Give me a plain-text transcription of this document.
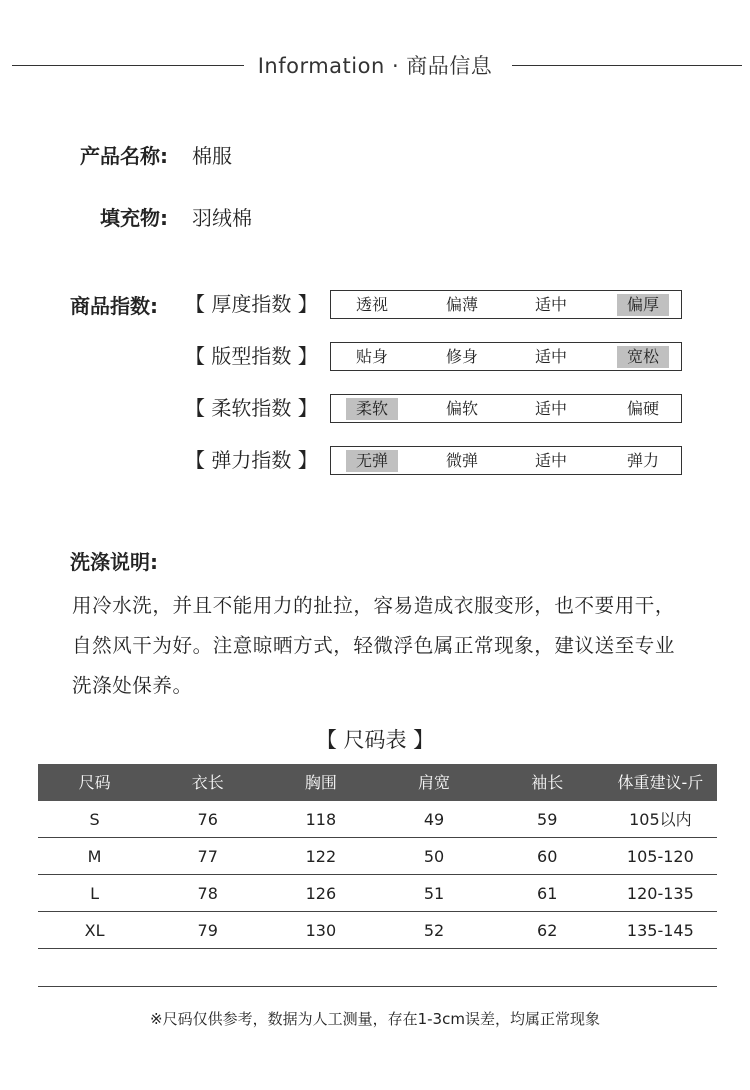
Information · 商品信息
产品名称: 棉服
填充物: 羽绒棉
商品指数: 【 厚度指数 】	透视	偏薄	适中	偏厚
【 版型指数 】	贴身	修身	适中	宽松
【 柔软指数 】	柔软	偏软	适中	偏硬
【 弹力指数 】	无弹	微弹	适中	弹力
洗涤说明:
用冷水洗，并且不能用力的扯拉，容易造成衣服变形，也不要用干，自然风干为好。注意晾晒方式，轻微浮色属正常现象，建议送至专业洗涤处保养。
【 尺码表 】
尺码	衣长	胸围	肩宽	袖长	体重建议-斤
S	76	118	49	59	105以内
M	77	122	50	60	105-120
L	78	126	51	61	120-135
XL	79	130	52	62	135-145
※尺码仅供参考，数据为人工测量，存在1-3cm误差，均属正常现象
